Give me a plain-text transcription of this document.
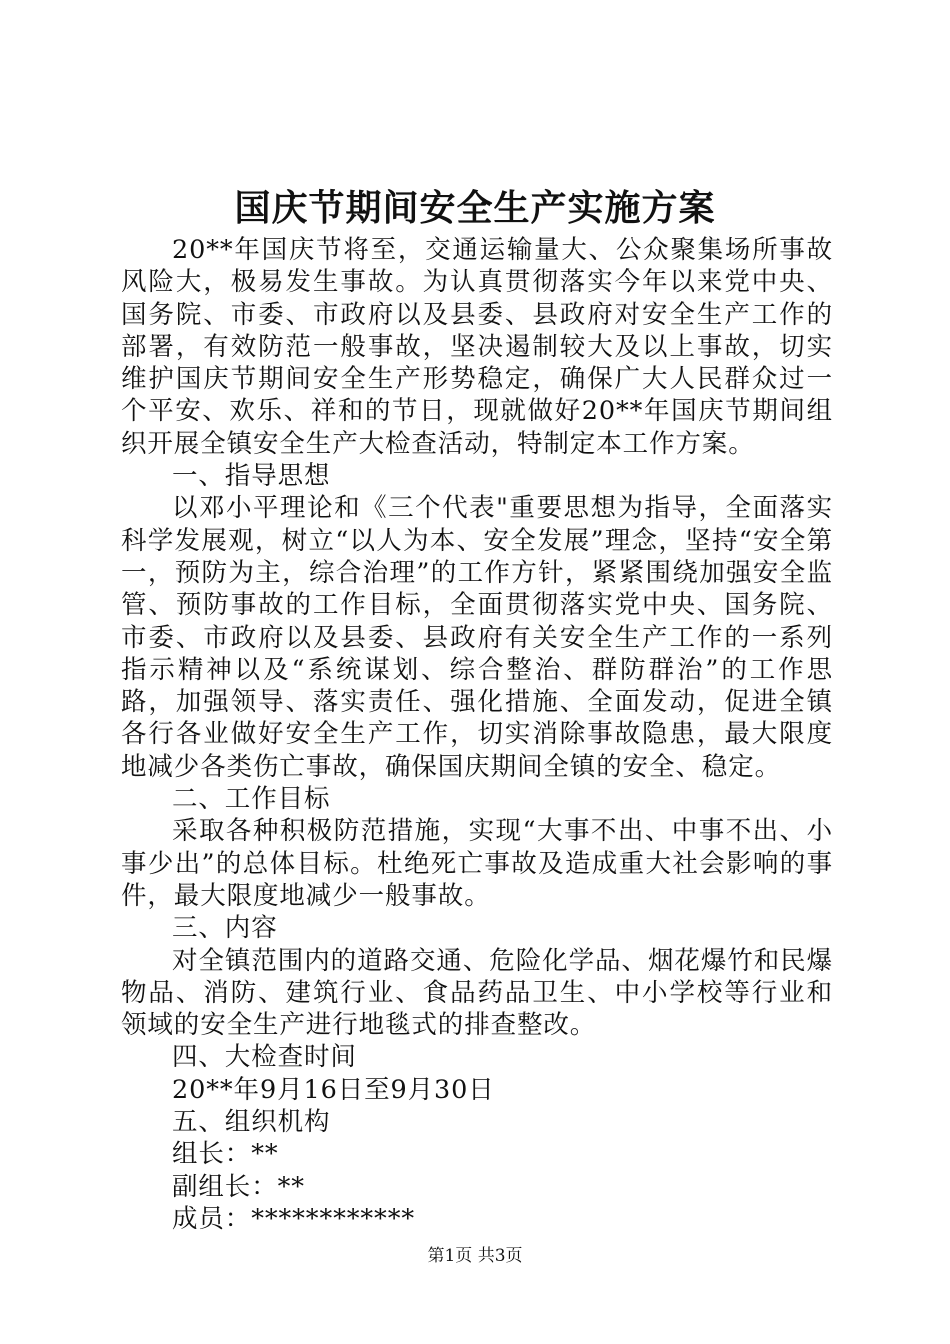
国庆节期间安全生产实施方案

20**年国庆节将至，交通运输量大、公众聚集场所事故风险大，极易发生事故。为认真贯彻落实今年以来党中央、国务院、市委、市政府以及县委、县政府对安全生产工作的部署，有效防范一般事故，坚决遏制较大及以上事故，切实维护国庆节期间安全生产形势稳定，确保广大人民群众过一个平安、欢乐、祥和的节日，现就做好20**年国庆节期间组织开展全镇安全生产大检查活动，特制定本工作方案。

一、指导思想

以邓小平理论和《三个代表"重要思想为指导，全面落实科学发展观，树立“以人为本、安全发展”理念，坚持“安全第一，预防为主，综合治理”的工作方针，紧紧围绕加强安全监管、预防事故的工作目标，全面贯彻落实党中央、国务院、市委、市政府以及县委、县政府有关安全生产工作的一系列指示精神以及“系统谋划、综合整治、群防群治”的工作思路，加强领导、落实责任、强化措施、全面发动，促进全镇各行各业做好安全生产工作，切实消除事故隐患，最大限度地减少各类伤亡事故，确保国庆期间全镇的安全、稳定。

二、工作目标

采取各种积极防范措施，实现“大事不出、中事不出、小事少出”的总体目标。杜绝死亡事故及造成重大社会影响的事件，最大限度地减少一般事故。

三、内容

对全镇范围内的道路交通、危险化学品、烟花爆竹和民爆物品、消防、建筑行业、食品药品卫生、中小学校等行业和领域的安全生产进行地毯式的排查整改。

四、大检查时间

20**年9月16日至9月30日

五、组织机构

组长：**

副组长：**

成员：************

第1页 共3页
